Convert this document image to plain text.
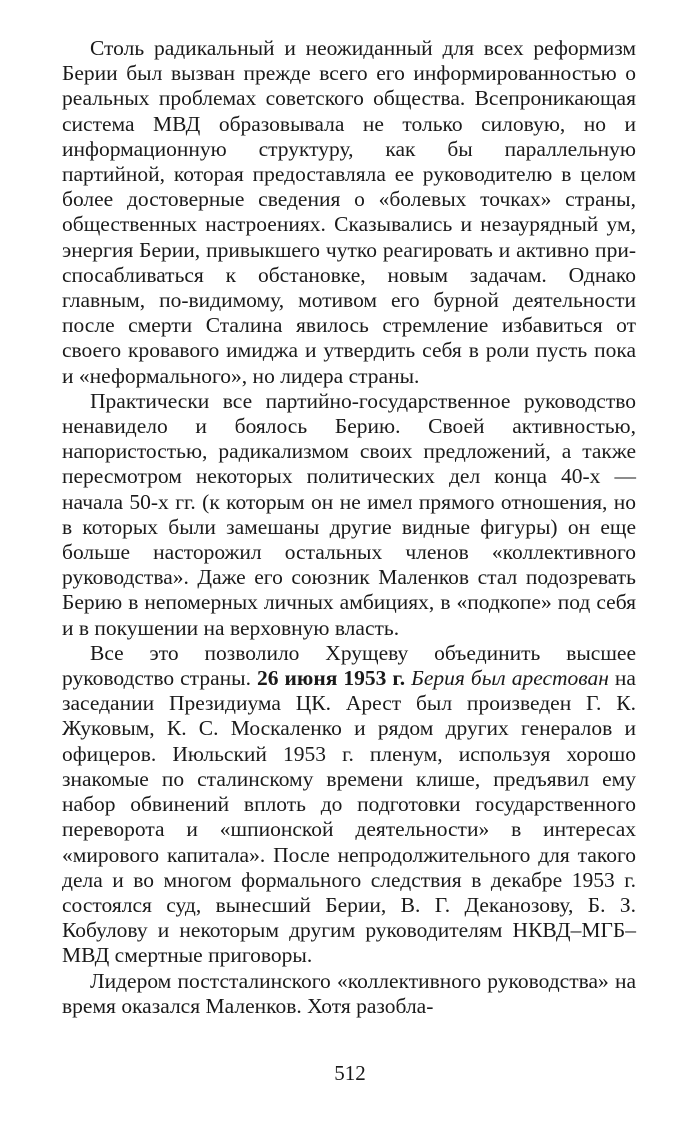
Столь радикальный и неожиданный для всех реформизм Берии был вызван прежде всего его информированностью о реальных проблемах советского общества. Всепроникающая система МВД образовывала не только силовую, но и информационную структуру, как бы параллельную партийной, которая предоставляла ее руководителю в целом более достоверные сведения о «болевых точках» страны, общественных настроениях. Сказывались и незаурядный ум, энергия Берии, привыкшего чутко реагировать и активно приспосабливаться к обстановке, новым задачам. Однако главным, по-видимому, мотивом его бурной деятельности после смерти Сталина явилось стремление избавиться от своего кровавого имиджа и утвердить себя в роли пусть пока и «неформального», но лидера страны.

Практически все партийно-государственное руководство ненавидело и боялось Берию. Своей активностью, напористостью, радикализмом своих предложений, а также пересмотром некоторых политических дел конца 40-х — начала 50-х гг. (к которым он не имел прямого отношения, но в которых были замешаны другие видные фигуры) он еще больше насторожил остальных членов «коллективного руководства». Даже его союзник Маленков стал подозревать Берию в непомерных личных амбициях, в «подкопе» под себя и в покушении на верховную власть.

Все это позволило Хрущеву объединить высшее руководство страны. 26 июня 1953 г. Берия был арестован на заседании Президиума ЦК. Арест был произведен Г. К. Жуковым, К. С. Москаленко и рядом других генералов и офицеров. Июльский 1953 г. пленум, используя хорошо знакомые по сталинскому времени клише, предъявил ему набор обвинений вплоть до подготовки государственного переворота и «шпионской деятельности» в интересах «мирового капитала». После непродолжительного для такого дела и во многом формального следствия в декабре 1953 г. состоялся суд, вынесший Берии, В. Г. Деканозову, Б. З. Кобулову и некоторым другим руководителям НКВД–МГБ–МВД смертные приговоры.

Лидером постсталинского «коллективного руководства» на время оказался Маленков. Хотя разобла-

512
